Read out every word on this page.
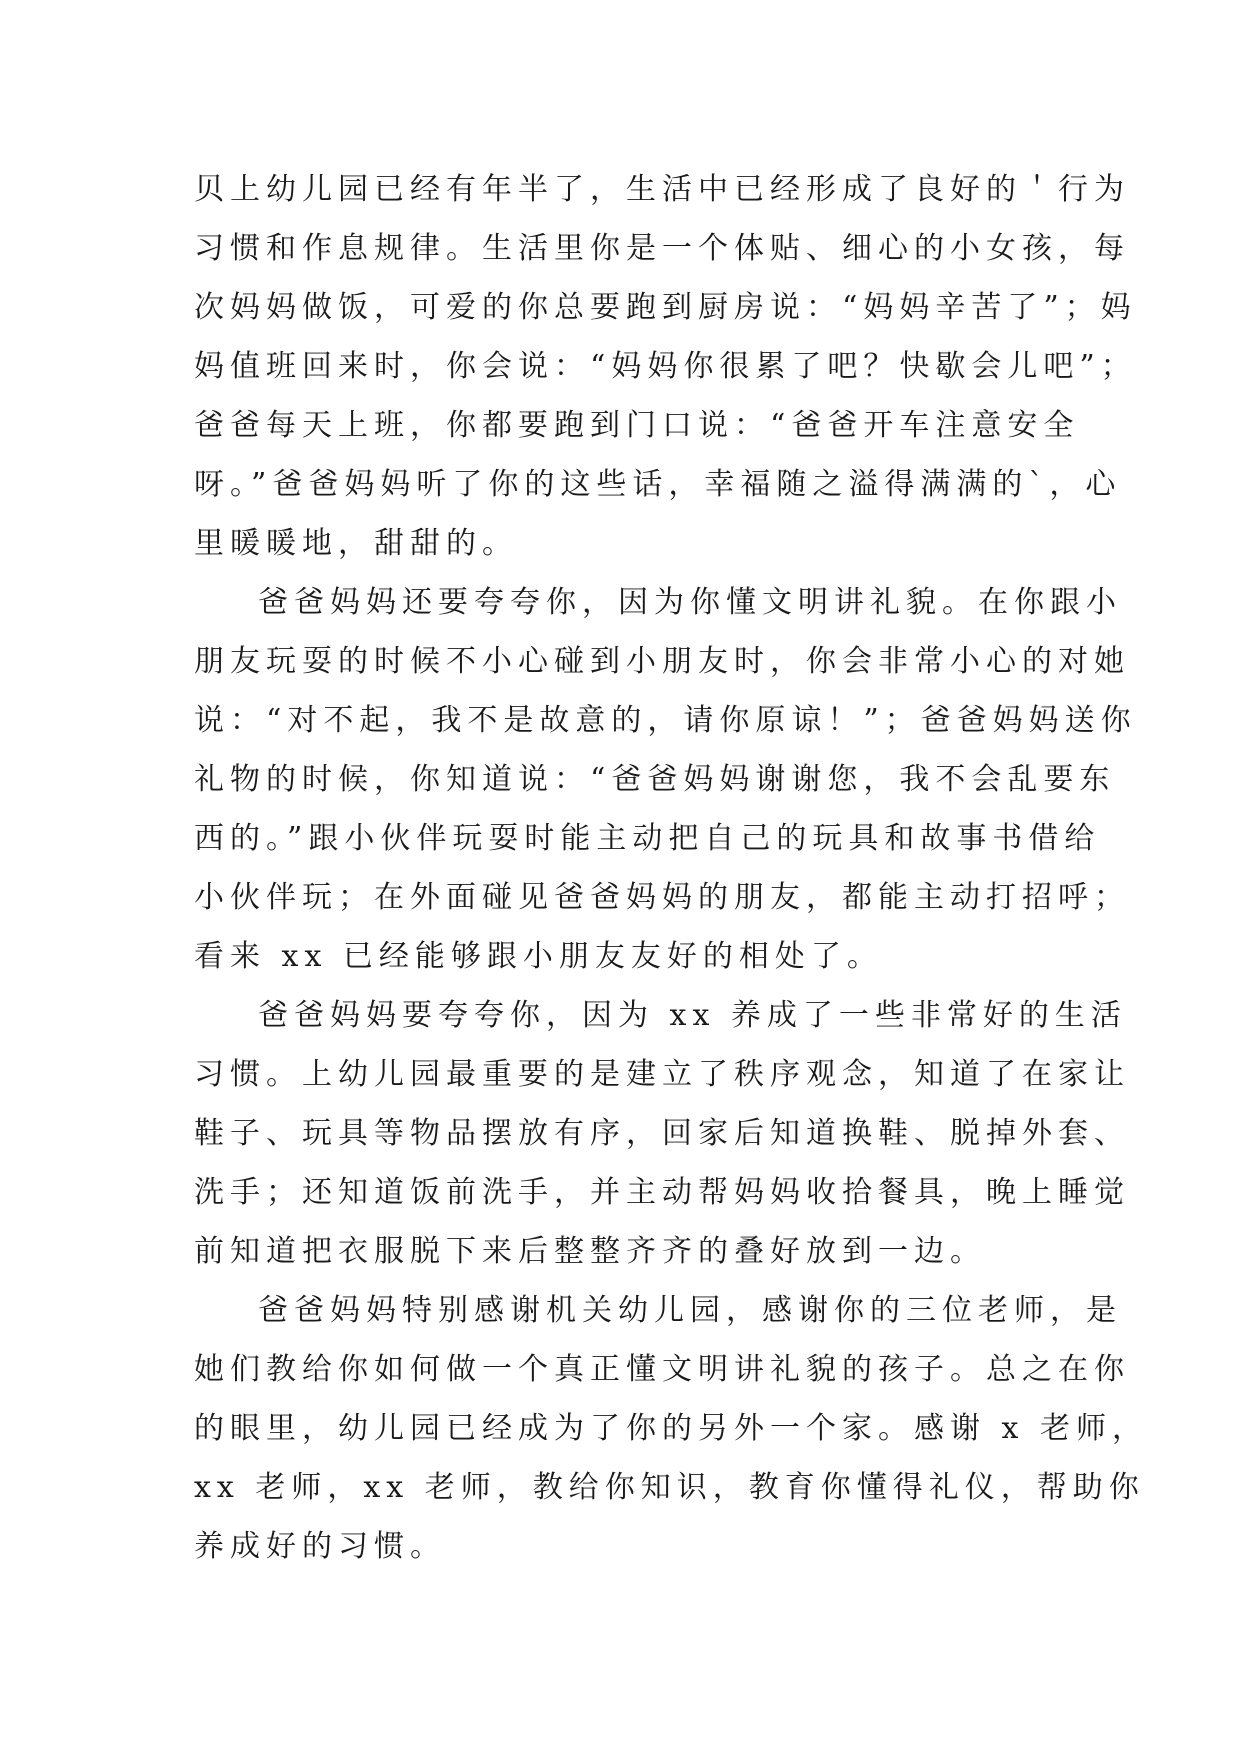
贝上幼儿园已经有年半了，生活中已经形成了良好的＇行为
习惯和作息规律。生活里你是一个体贴、细心的小女孩，每
次妈妈做饭，可爱的你总要跑到厨房说：“妈妈辛苦了”；妈
妈值班回来时，你会说：“妈妈你很累了吧？快歇会儿吧”；
爸爸每天上班，你都要跑到门口说：“爸爸开车注意安全
呀。”爸爸妈妈听了你的这些话，幸福随之溢得满满的`，心
里暖暖地，甜甜的。
爸爸妈妈还要夸夸你，因为你懂文明讲礼貌。在你跟小
朋友玩耍的时候不小心碰到小朋友时，你会非常小心的对她
说：“对不起，我不是故意的，请你原谅！”；爸爸妈妈送你
礼物的时候，你知道说：“爸爸妈妈谢谢您，我不会乱要东
西的。”跟小伙伴玩耍时能主动把自己的玩具和故事书借给
小伙伴玩；在外面碰见爸爸妈妈的朋友，都能主动打招呼；
看来 xx 已经能够跟小朋友友好的相处了。
爸爸妈妈要夸夸你，因为 xx 养成了一些非常好的生活
习惯。上幼儿园最重要的是建立了秩序观念，知道了在家让
鞋子、玩具等物品摆放有序，回家后知道换鞋、脱掉外套、
洗手；还知道饭前洗手，并主动帮妈妈收拾餐具，晚上睡觉
前知道把衣服脱下来后整整齐齐的叠好放到一边。
爸爸妈妈特别感谢机关幼儿园，感谢你的三位老师，是
她们教给你如何做一个真正懂文明讲礼貌的孩子。总之在你
的眼里，幼儿园已经成为了你的另外一个家。感谢 x 老师，
xx 老师，xx 老师，教给你知识，教育你懂得礼仪，帮助你
养成好的习惯。
